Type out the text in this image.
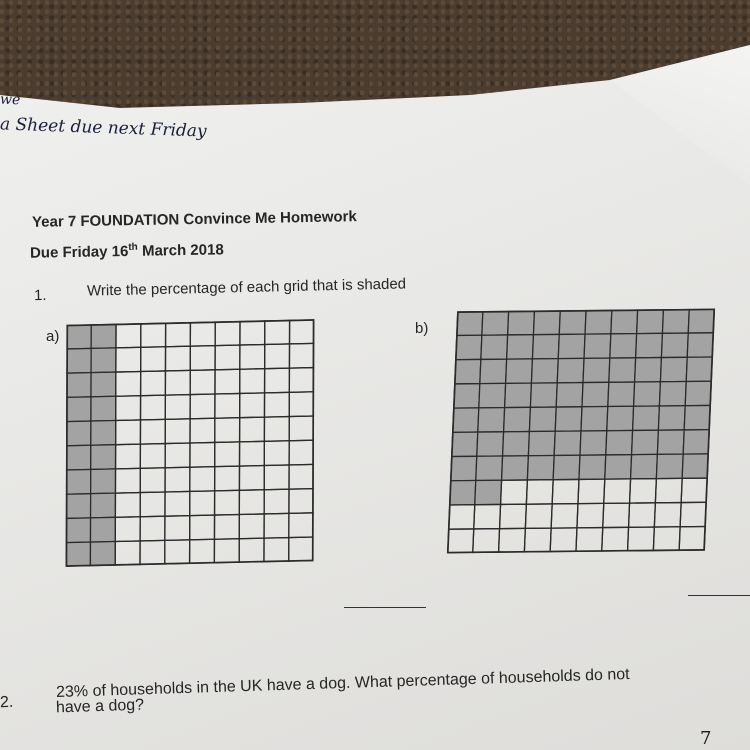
we
a Sheet due next Friday
Year 7 FOUNDATION Convince Me Homework
Due Friday 16th March 2018
1.	Write the percentage of each grid that is shaded
a)	b)
2.
23% of households in the UK have a dog. What percentage of households do not
have a dog?
7
